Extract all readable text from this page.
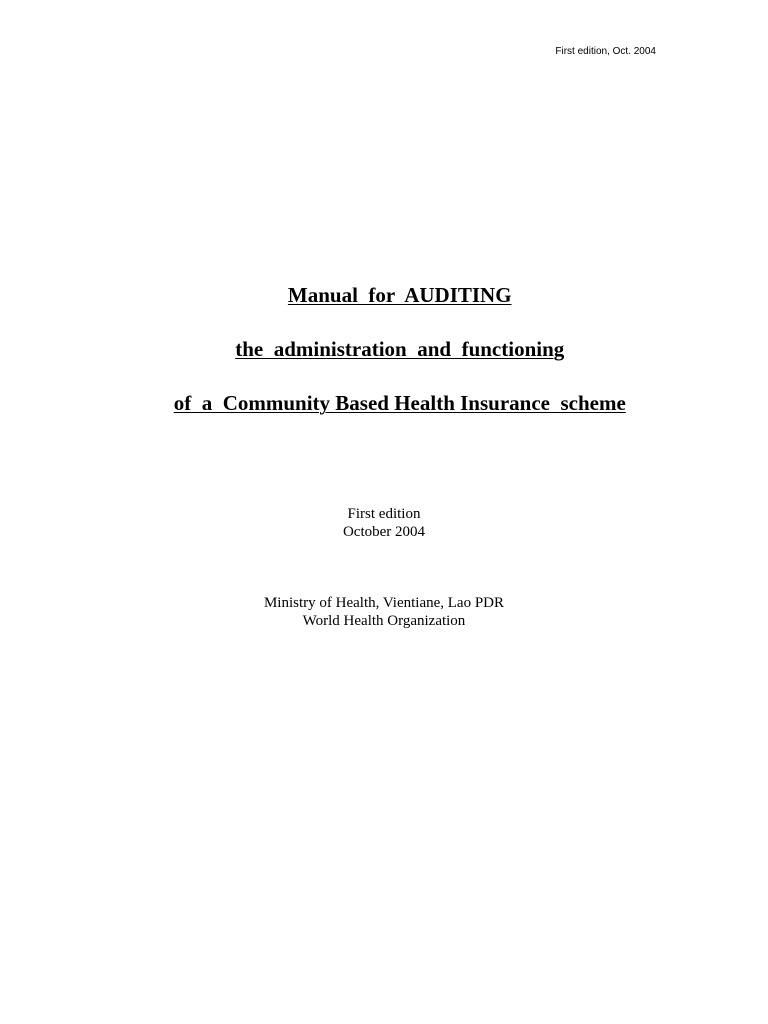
First edition, Oct. 2004

Manual  for  AUDITING

the  administration  and  functioning

of  a  Community Based Health Insurance  scheme

First edition
October 2004
Ministry of Health, Vientiane, Lao PDR
World Health Organization
